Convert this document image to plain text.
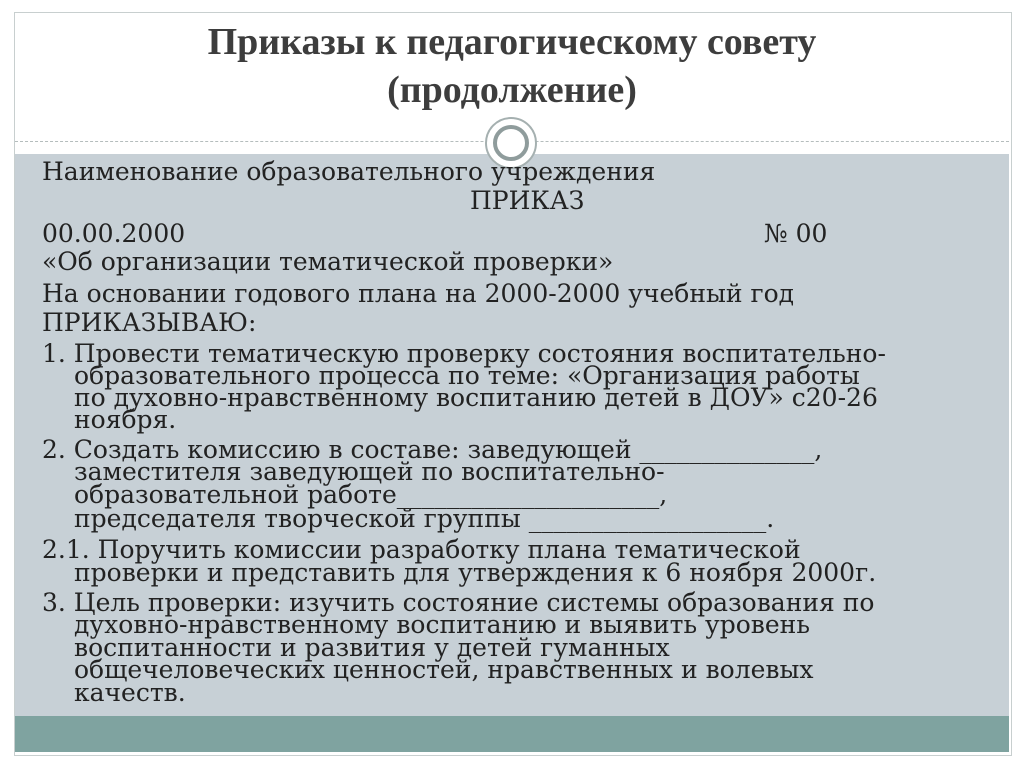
Приказы к педагогическому совету
(продолжение)

Наименование образовательного учреждения

ПРИКАЗ

00.00.2000	№ 00

«Об организации тематической проверки»

На основании годового плана на 2000-2000 учебный год

ПРИКАЗЫВАЮ:

1. Провести тематическую проверку состояния воспитательно-

образовательного процесса по теме: «Организация работы

по духовно-нравственному воспитанию детей в ДОУ» с20-26

ноября.

2. Создать комиссию в составе: заведующей ______________,

заместителя заведующей по воспитательно-

образовательной работе_____________________,

председателя творческой группы ___________________.

2.1. Поручить комиссии разработку плана тематической

проверки и представить для утверждения к 6 ноября 2000г.

3. Цель проверки: изучить состояние системы образования по

духовно-нравственному воспитанию и выявить уровень

воспитанности и развития у детей гуманных

общечеловеческих ценностей, нравственных и волевых

качеств.
